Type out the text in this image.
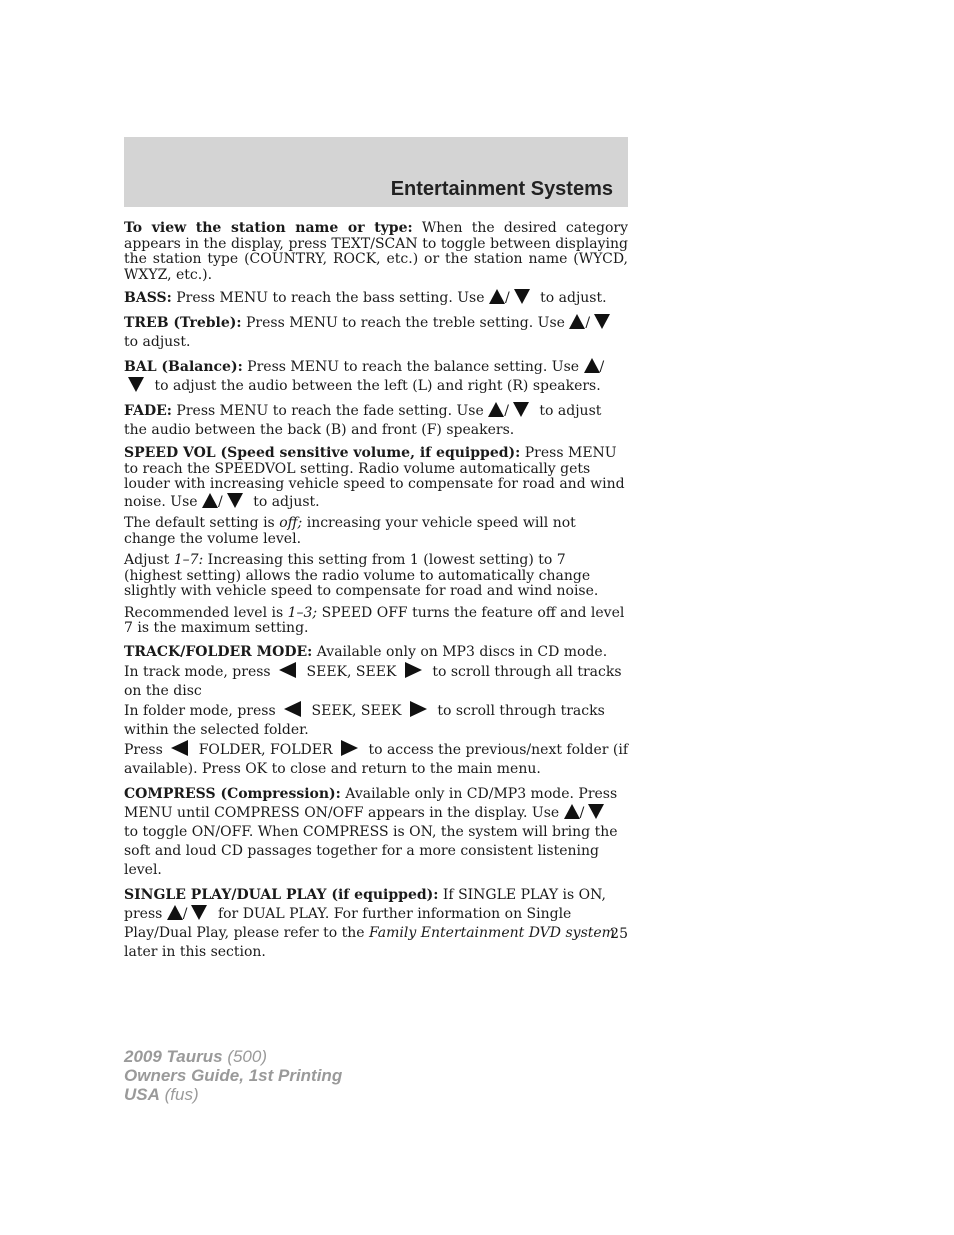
Entertainment Systems

To view the station name or type: When the desired category appears in the display, press TEXT/SCAN to toggle between displaying the station type (COUNTRY, ROCK, etc.) or the station name (WYCD, WXYZ, etc.).

BASS: Press MENU to reach the bass setting. Use / to adjust.

TREB (Treble): Press MENU to reach the treble setting. Use / to adjust.

BAL (Balance): Press MENU to reach the balance setting. Use / to adjust the audio between the left (L) and right (R) speakers.

FADE: Press MENU to reach the fade setting. Use / to adjust the audio between the back (B) and front (F) speakers.

SPEED VOL (Speed sensitive volume, if equipped): Press MENU to reach the SPEEDVOL setting. Radio volume automatically gets louder with increasing vehicle speed to compensate for road and wind noise. Use / to adjust.

The default setting is off; increasing your vehicle speed will not change the volume level.

Adjust 1–7: Increasing this setting from 1 (lowest setting) to 7 (highest setting) allows the radio volume to automatically change slightly with vehicle speed to compensate for road and wind noise.

Recommended level is 1–3; SPEED OFF turns the feature off and level 7 is the maximum setting.

TRACK/FOLDER MODE: Available only on MP3 discs in CD mode.
In track mode, press	SEEK, SEEK	to scroll through all tracks on the disc
In folder mode, press	SEEK, SEEK	to scroll through tracks within the selected folder.
Press	FOLDER, FOLDER	to access the previous/next folder (if available). Press OK to close and return to the main menu.

COMPRESS (Compression): Available only in CD/MP3 mode. Press MENU until COMPRESS ON/OFF appears in the display. Use / to toggle ON/OFF. When COMPRESS is ON, the system will bring the soft and loud CD passages together for a more consistent listening level.

SINGLE PLAY/DUAL PLAY (if equipped): If SINGLE PLAY is ON, press / for DUAL PLAY. For further information on Single Play/Dual Play, please refer to the Family Entertainment DVD system later in this section.

25
2009 Taurus (500)
Owners Guide, 1st Printing
USA (fus)
